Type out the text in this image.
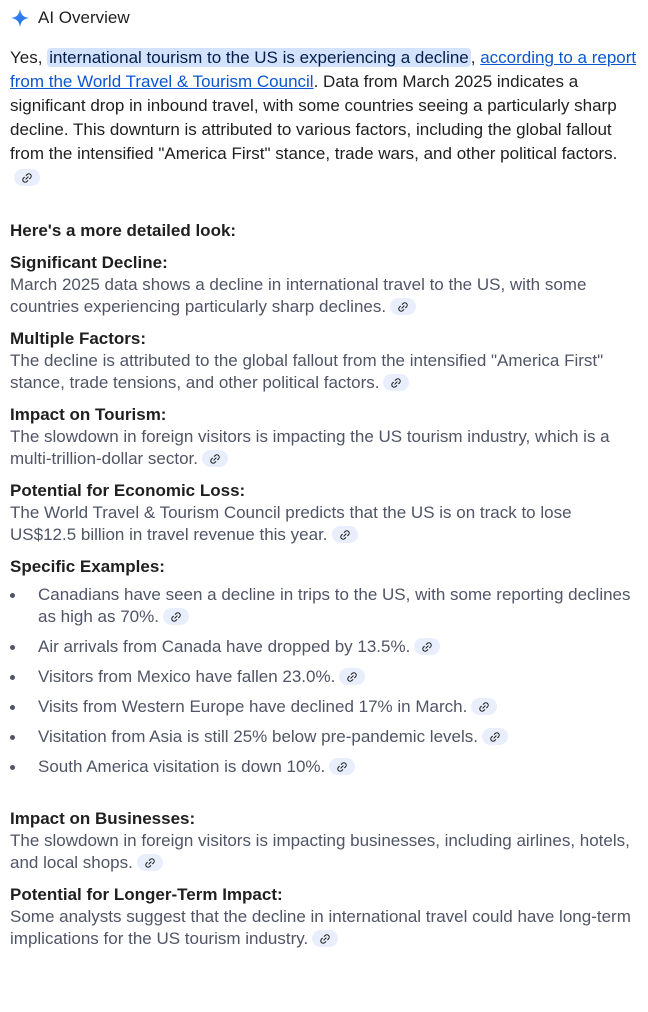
AI Overview

Yes, international tourism to the US is experiencing a decline , according to a report from the World Travel & Tourism Council. Data from March 2025 indicates a significant drop in inbound travel, with some countries seeing a particularly sharp decline. This downturn is attributed to various factors, including the global fallout from the intensified "America First" stance, trade wars, and other political factors.

Here's a more detailed look:

Significant Decline:

March 2025 data shows a decline in international travel to the US, with some countries experiencing particularly sharp declines.

Multiple Factors:

The decline is attributed to the global fallout from the intensified "America First" stance, trade tensions, and other political factors.

Impact on Tourism:

The slowdown in foreign visitors is impacting the US tourism industry, which is a multi-trillion-dollar sector.

Potential for Economic Loss:

The World Travel & Tourism Council predicts that the US is on track to lose US$12.5 billion in travel revenue this year.

Specific Examples:

Canadians have seen a decline in trips to the US, with some reporting declines as high as 70%.
Air arrivals from Canada have dropped by 13.5%.
Visitors from Mexico have fallen 23.0%.
Visits from Western Europe have declined 17% in March.
Visitation from Asia is still 25% below pre-pandemic levels.
South America visitation is down 10%.

Impact on Businesses:

The slowdown in foreign visitors is impacting businesses, including airlines, hotels, and local shops.

Potential for Longer-Term Impact:

Some analysts suggest that the decline in international travel could have long-term implications for the US tourism industry.
